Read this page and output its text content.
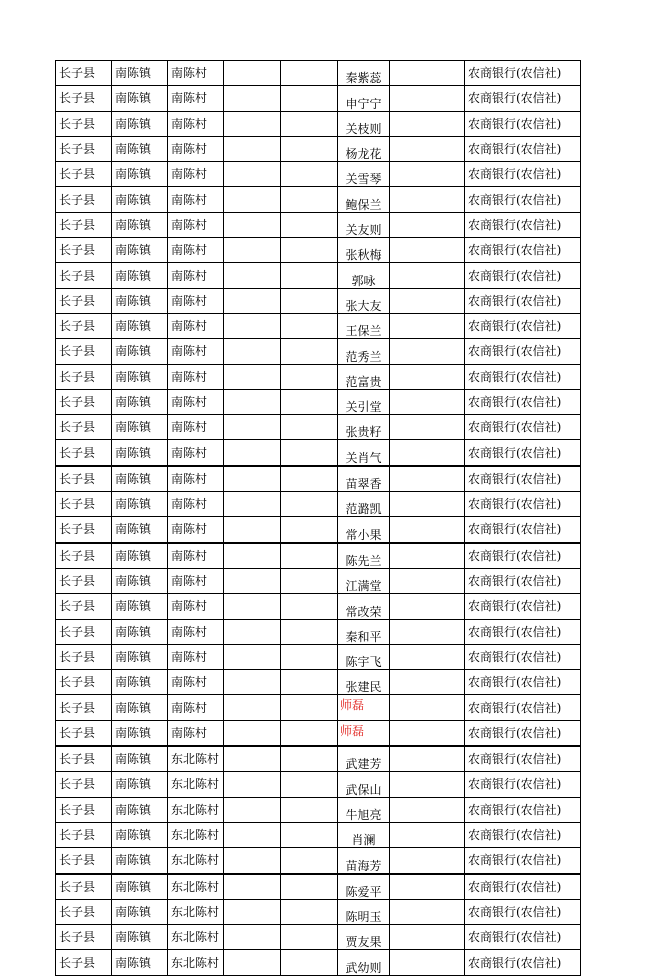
长子县	南陈镇	南陈村			秦紫蕊		农商银行(农信社)
长子县	南陈镇	南陈村			申宁宁		农商银行(农信社)
长子县	南陈镇	南陈村			关枝则		农商银行(农信社)
长子县	南陈镇	南陈村			杨龙花		农商银行(农信社)
长子县	南陈镇	南陈村			关雪琴		农商银行(农信社)
长子县	南陈镇	南陈村			鲍保兰		农商银行(农信社)
长子县	南陈镇	南陈村			关友则		农商银行(农信社)
长子县	南陈镇	南陈村			张秋梅		农商银行(农信社)
长子县	南陈镇	南陈村			郭咏		农商银行(农信社)
长子县	南陈镇	南陈村			张大友		农商银行(农信社)
长子县	南陈镇	南陈村			王保兰		农商银行(农信社)
长子县	南陈镇	南陈村			范秀兰		农商银行(农信社)
长子县	南陈镇	南陈村			范富贵		农商银行(农信社)
长子县	南陈镇	南陈村			关引堂		农商银行(农信社)
长子县	南陈镇	南陈村			张贵籽		农商银行(农信社)
长子县	南陈镇	南陈村			关肖气		农商银行(农信社)
长子县	南陈镇	南陈村			苗翠香		农商银行(农信社)
长子县	南陈镇	南陈村			范潞凯		农商银行(农信社)
长子县	南陈镇	南陈村			常小果		农商银行(农信社)
长子县	南陈镇	南陈村			陈先兰		农商银行(农信社)
长子县	南陈镇	南陈村			江满堂		农商银行(农信社)
长子县	南陈镇	南陈村			常改荣		农商银行(农信社)
长子县	南陈镇	南陈村			秦和平		农商银行(农信社)
长子县	南陈镇	南陈村			陈宇飞		农商银行(农信社)
长子县	南陈镇	南陈村			张建民		农商银行(农信社)
长子县	南陈镇	南陈村			师磊		农商银行(农信社)
长子县	南陈镇	南陈村			师磊		农商银行(农信社)
长子县	南陈镇	东北陈村			武建芳		农商银行(农信社)
长子县	南陈镇	东北陈村			武保山		农商银行(农信社)
长子县	南陈镇	东北陈村			牛旭亮		农商银行(农信社)
长子县	南陈镇	东北陈村			肖澜		农商银行(农信社)
长子县	南陈镇	东北陈村			苗海芳		农商银行(农信社)
长子县	南陈镇	东北陈村			陈爱平		农商银行(农信社)
长子县	南陈镇	东北陈村			陈明玉		农商银行(农信社)
长子县	南陈镇	东北陈村			贾友果		农商银行(农信社)
长子县	南陈镇	东北陈村			武幼则		农商银行(农信社)
